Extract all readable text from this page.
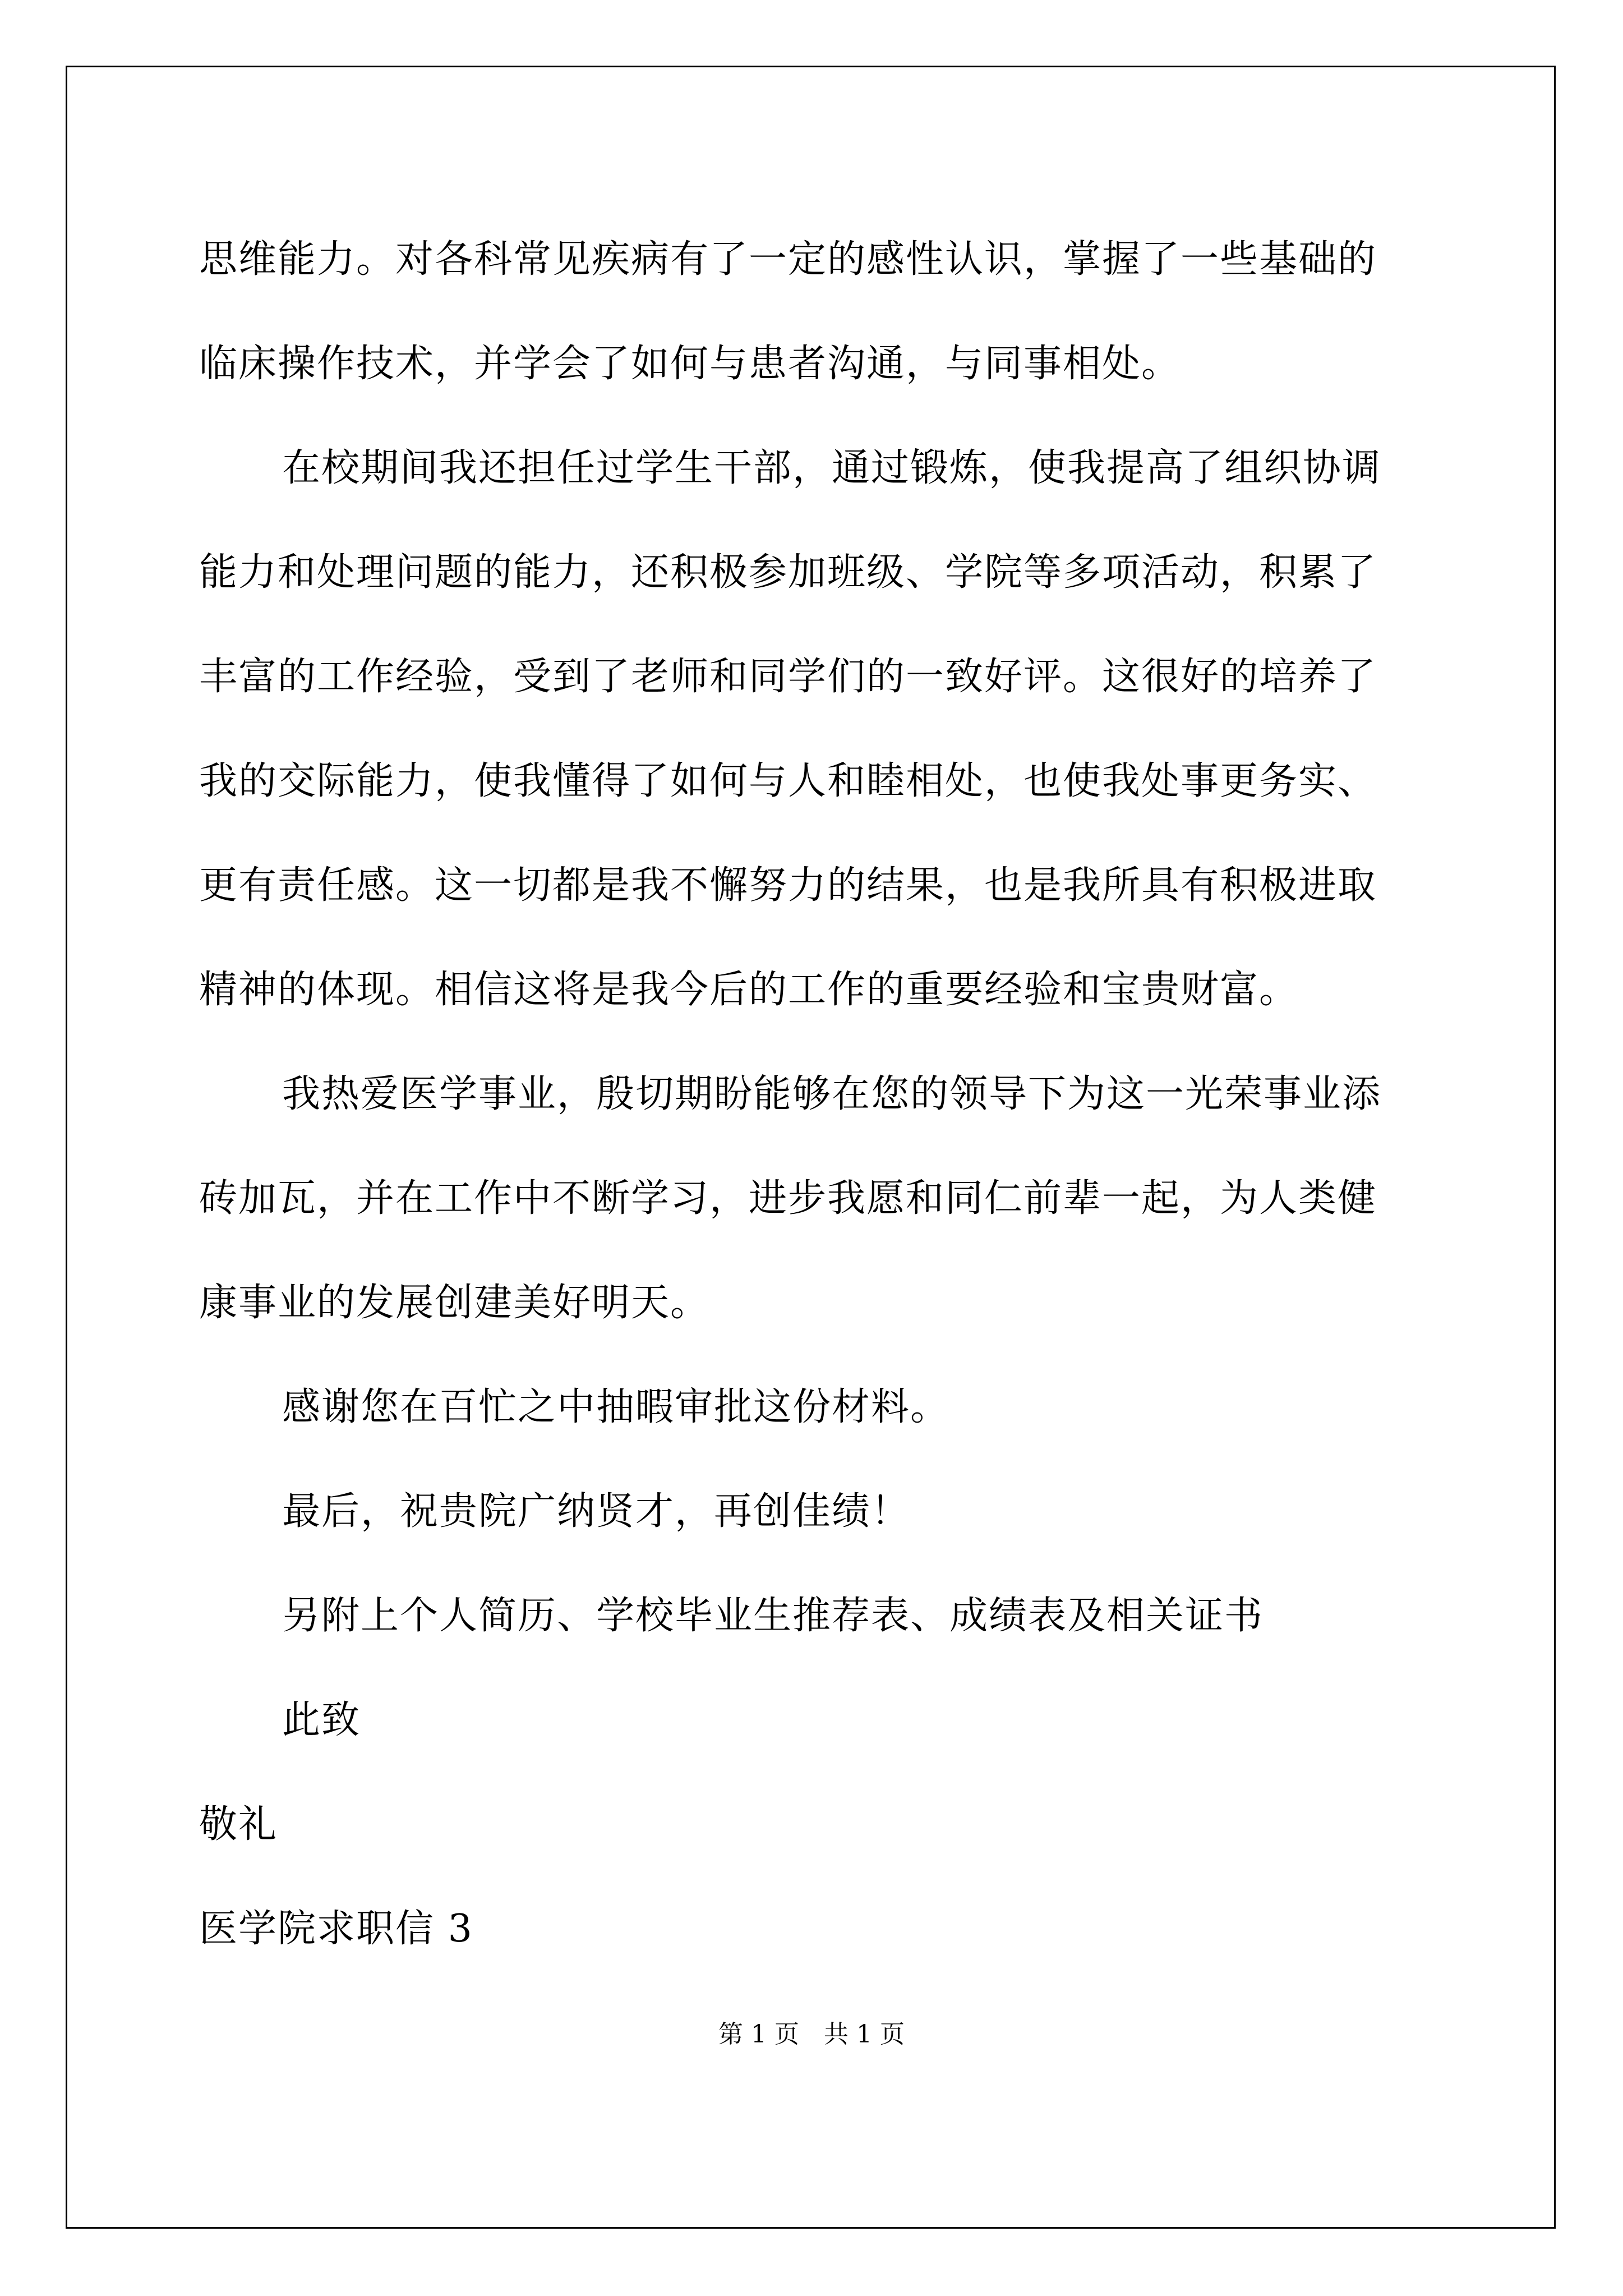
思维能力。对各科常见疾病有了一定的感性认识，掌握了一些基础的
临床操作技术，并学会了如何与患者沟通，与同事相处。
在校期间我还担任过学生干部，通过锻炼，使我提高了组织协调
能力和处理问题的能力，还积极参加班级、学院等多项活动，积累了
丰富的工作经验，受到了老师和同学们的一致好评。这很好的培养了
我的交际能力，使我懂得了如何与人和睦相处，也使我处事更务实、
更有责任感。这一切都是我不懈努力的结果，也是我所具有积极进取
精神的体现。相信这将是我今后的工作的重要经验和宝贵财富。
我热爱医学事业，殷切期盼能够在您的领导下为这一光荣事业添
砖加瓦，并在工作中不断学习，进步我愿和同仁前辈一起，为人类健
康事业的发展创建美好明天。
感谢您在百忙之中抽暇审批这份材料。
最后，祝贵院广纳贤才，再创佳绩！
另附上个人简历、学校毕业生推荐表、成绩表及相关证书
此致
敬礼
医学院求职信 3
第 1 页　共 1 页
